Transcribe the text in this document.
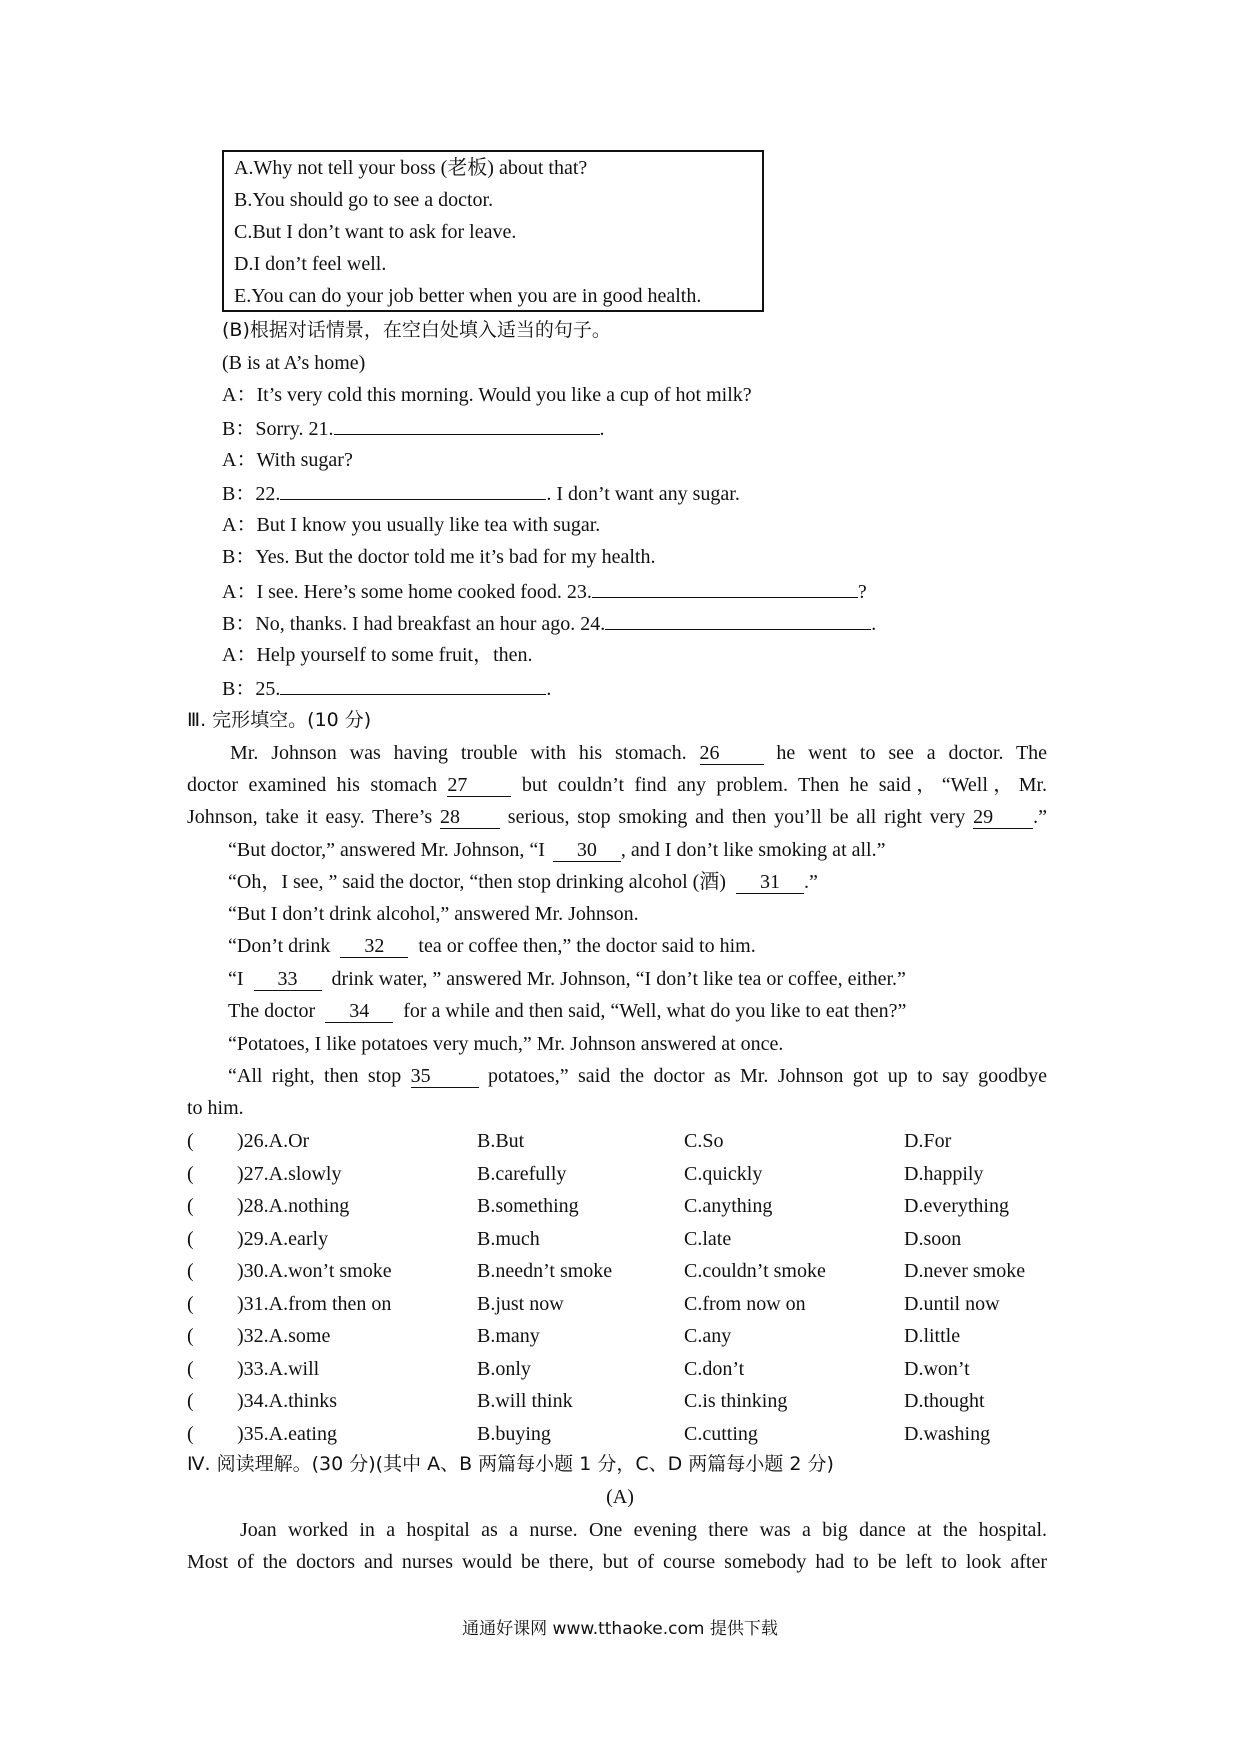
A.Why not tell your boss (老板) about that?
B.You should go to see a doctor.
C.But I don’t want to ask for leave.
D.I don’t feel well.
E.You can do your job better when you are in good health.
(B)根据对话情景，在空白处填入适当的句子。
(B is at A’s home)
A：It’s very cold this morning. Would you like a cup of hot milk?
B：Sorry. 21.	.
A：With sugar?
B：22.	. I don’t want any sugar.
A：But I know you usually like tea with sugar.
B：Yes. But the doctor told me it’s bad for my health.
A：I see. Here’s some home cooked food. 23.	?
B：No, thanks. I had breakfast an hour ago. 24.	.
A：Help yourself to some fruit，then.
B：25.	.
Ⅲ. 完形填空。(10 分)
Mr. Johnson was having trouble with his stomach. 26	he went to see a doctor. The
doctor examined his stomach 27	but couldn’t find any problem. Then he said，“Well，Mr.
Johnson, take it easy. There’s 28 serious, stop smoking and then you’ll be all right very 29 .”
“But doctor,” answered Mr. Johnson, “I 30 , and I don’t like smoking at all.”
“Oh，I see, ” said the doctor, “then stop drinking alcohol (酒) 31 .”
“But I don’t drink alcohol,” answered Mr. Johnson.
“Don’t drink 32 tea or coffee then,” the doctor said to him.
“I 33 drink water, ” answered Mr. Johnson, “I don’t like tea or coffee, either.”
The doctor 34 for a while and then said, “Well, what do you like to eat then?”
“Potatoes, I like potatoes very much,” Mr. Johnson answered at once.
“All right, then stop 35	potatoes,” said the doctor as Mr. Johnson got up to say goodbye
to him.
( )26.A.Or	B.But	C.So	D.For
( )27.A.slowly	B.carefully	C.quickly	D.happily
( )28.A.nothing	B.something	C.anything	D.everything
( )29.A.early	B.much	C.late	D.soon
( )30.A.won’t smoke	B.needn’t smoke	C.couldn’t smoke	D.never smoke
( )31.A.from then on	B.just now	C.from now on	D.until now
( )32.A.some	B.many	C.any	D.little
( )33.A.will	B.only	C.don’t	D.won’t
( )34.A.thinks	B.will think	C.is thinking	D.thought
( )35.A.eating	B.buying	C.cutting	D.washing
Ⅳ. 阅读理解。(30 分)(其中 A、B 两篇每小题 1 分，C、D 两篇每小题 2 分)
(A)
Joan worked in a hospital as a nurse. One evening there was a big dance at the hospital.
Most of the doctors and nurses would be there, but of course somebody had to be left to look after
通通好课网 www.tthaoke.com 提供下载
